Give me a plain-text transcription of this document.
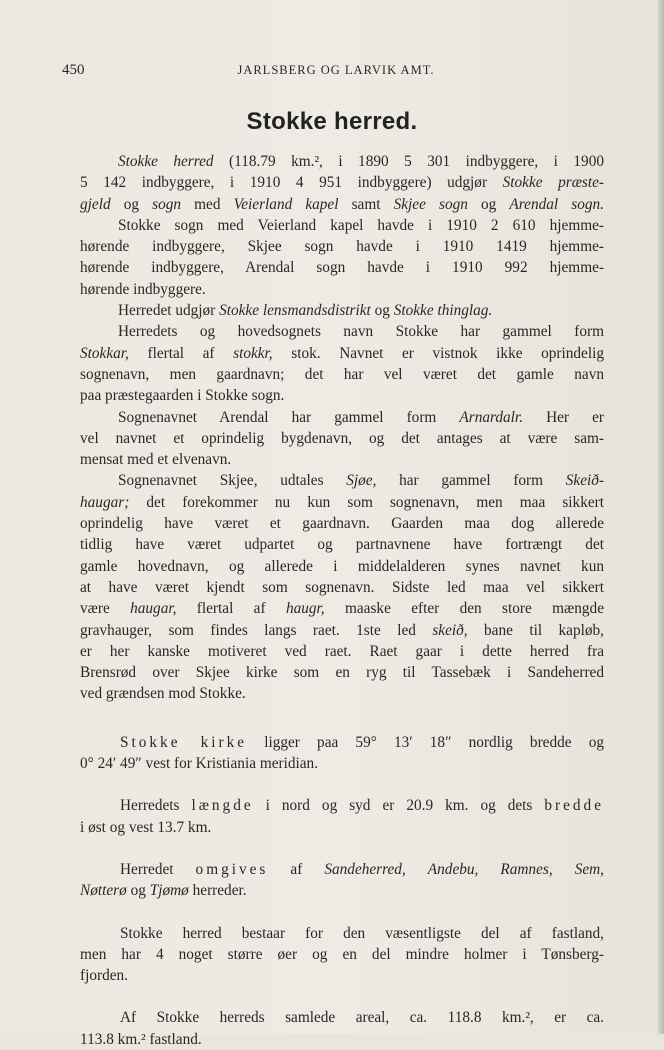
450	JARLSBERG OG LARVIK AMT.
Stokke herred.
Stokke herred (118.79 km.², i 1890 5 301 indbyggere, i 1900
5 142 indbyggere, i 1910 4 951 indbyggere) udgjør Stokke præste-
gjeld og sogn med Veierland kapel samt Skjee sogn og Arendal sogn.
Stokke sogn med Veierland kapel havde i 1910 2 610 hjemme-
hørende indbyggere, Skjee sogn havde i 1910 1419 hjemme-
hørende indbyggere, Arendal sogn havde i 1910 992 hjemme-
hørende indbyggere.
Herredet udgjør Stokke lensmandsdistrikt og Stokke thinglag.
Herredets og hovedsognets navn Stokke har gammel form
Stokkar, flertal af stokkr, stok. Navnet er vistnok ikke oprindelig
sognenavn, men gaardnavn; det har vel været det gamle navn
paa præstegaarden i Stokke sogn.
Sognenavnet Arendal har gammel form Arnardalr. Her er
vel navnet et oprindelig bygdenavn, og det antages at være sam-
mensat med et elvenavn.
Sognenavnet Skjee, udtales Sjøe, har gammel form Skeið-
haugar; det forekommer nu kun som sognenavn, men maa sikkert
oprindelig have været et gaardnavn. Gaarden maa dog allerede
tidlig have været udpartet og partnavnene have fortrængt det
gamle hovednavn, og allerede i middelalderen synes navnet kun
at have været kjendt som sognenavn. Sidste led maa vel sikkert
være haugar, flertal af haugr, maaske efter den store mængde
gravhauger, som findes langs raet. 1ste led skeið, bane til kapløb,
er her kanske motiveret ved raet. Raet gaar i dette herred fra
Brensrød over Skjee kirke som en ryg til Tassebæk i Sandeherred
ved grændsen mod Stokke.
Stokke kirke ligger paa 59° 13′ 18″ nordlig bredde og
0° 24′ 49″ vest for Kristiania meridian.
Herredets længde i nord og syd er 20.9 km. og dets bredde
i øst og vest 13.7 km.
Herredet omgives af Sandeherred, Andebu, Ramnes, Sem,
Nøtterø og Tjømø herreder.
Stokke herred bestaar for den væsentligste del af fastland,
men har 4 noget større øer og en del mindre holmer i Tønsberg-
fjorden.
Af Stokke herreds samlede areal, ca. 118.8 km.², er ca.
113.8 km.² fastland.
